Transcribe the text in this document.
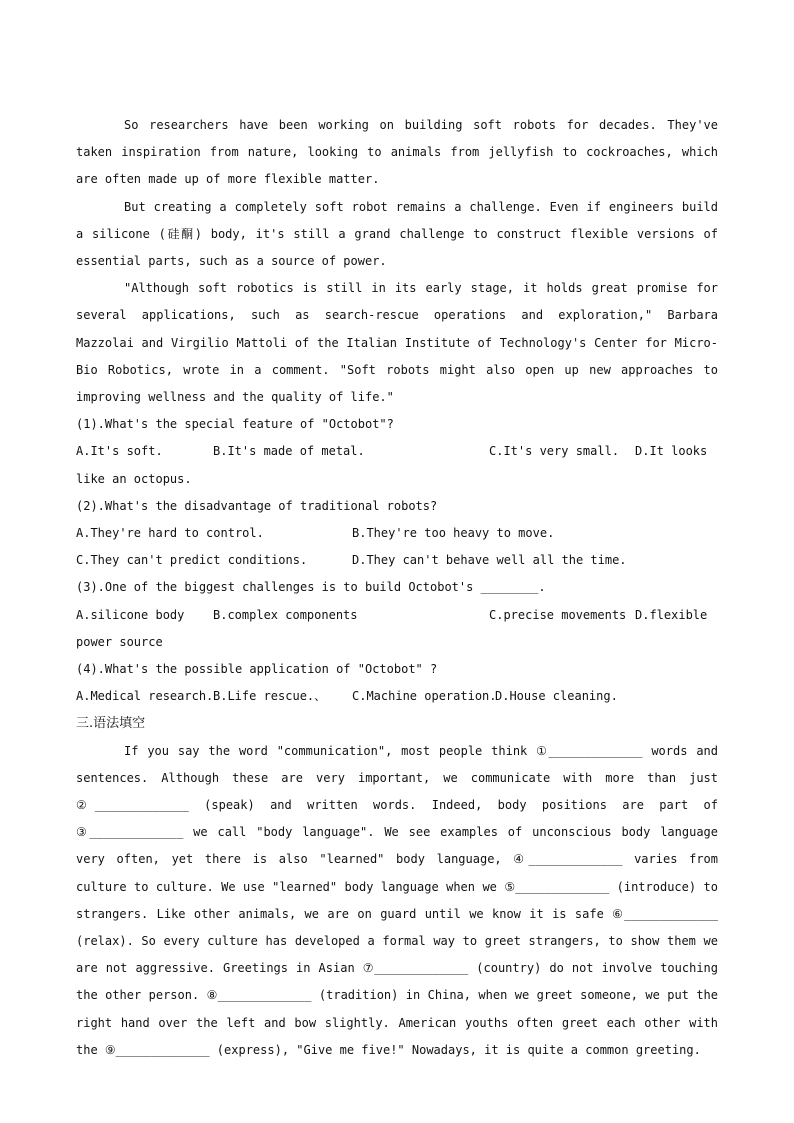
So researchers have been working on building soft robots for decades. They've taken inspiration from nature, looking to animals from jellyfish to cockroaches, which are often made up of more flexible matter.
But creating a completely soft robot remains a challenge. Even if engineers build a silicone (硅酮) body, it's still a grand challenge to construct flexible versions of essential parts, such as a source of power.
"Although soft robotics is still in its early stage, it holds great promise for several applications, such as search-rescue operations and exploration," Barbara Mazzolai and Virgilio Mattoli of the Italian Institute of Technology's Center for Micro-Bio Robotics, wrote in a comment. "Soft robots might also open up new approaches to improving wellness and the quality of life."
(1).What's the special feature of "Octobot"?
A.It's soft.	B.It's made of metal.	C.It's very small. D.It looks
like an octopus.
(2).What's the disadvantage of traditional robots?
A.They're hard to control.	B.They're too heavy to move.
C.They can't predict conditions.	D.They can't behave well all the time.
(3).One of the biggest challenges is to build Octobot's ________.
A.silicone body B.complex components	C.precise movements D.flexible
power source
(4).What's the possible application of "Octobot" ?
A.Medical research. B.Life rescue.、 C.Machine operation.
D.House cleaning.
三.语法填空
If you say the word "communication", most people think ①_____________ words and sentences. Although these are very important, we communicate with more than just ②_____________ (speak) and written words. Indeed, body positions are part of ③_____________ we call "body language". We see examples of unconscious body language very often, yet there is also "learned" body language, ④_____________ varies from culture to culture. We use "learned" body language when we ⑤_____________ (introduce) to strangers. Like other animals, we are on guard until we know it is safe ⑥_____________ (relax). So every culture has developed a formal way to greet strangers, to show them we are not aggressive. Greetings in Asian ⑦_____________ (country) do not involve touching the other person. ⑧_____________ (tradition) in China, when we greet someone, we put the right hand over the left and bow slightly. American youths often greet each other with the ⑨_____________ (express), "Give me five!" Nowadays, it is quite a common greeting.
